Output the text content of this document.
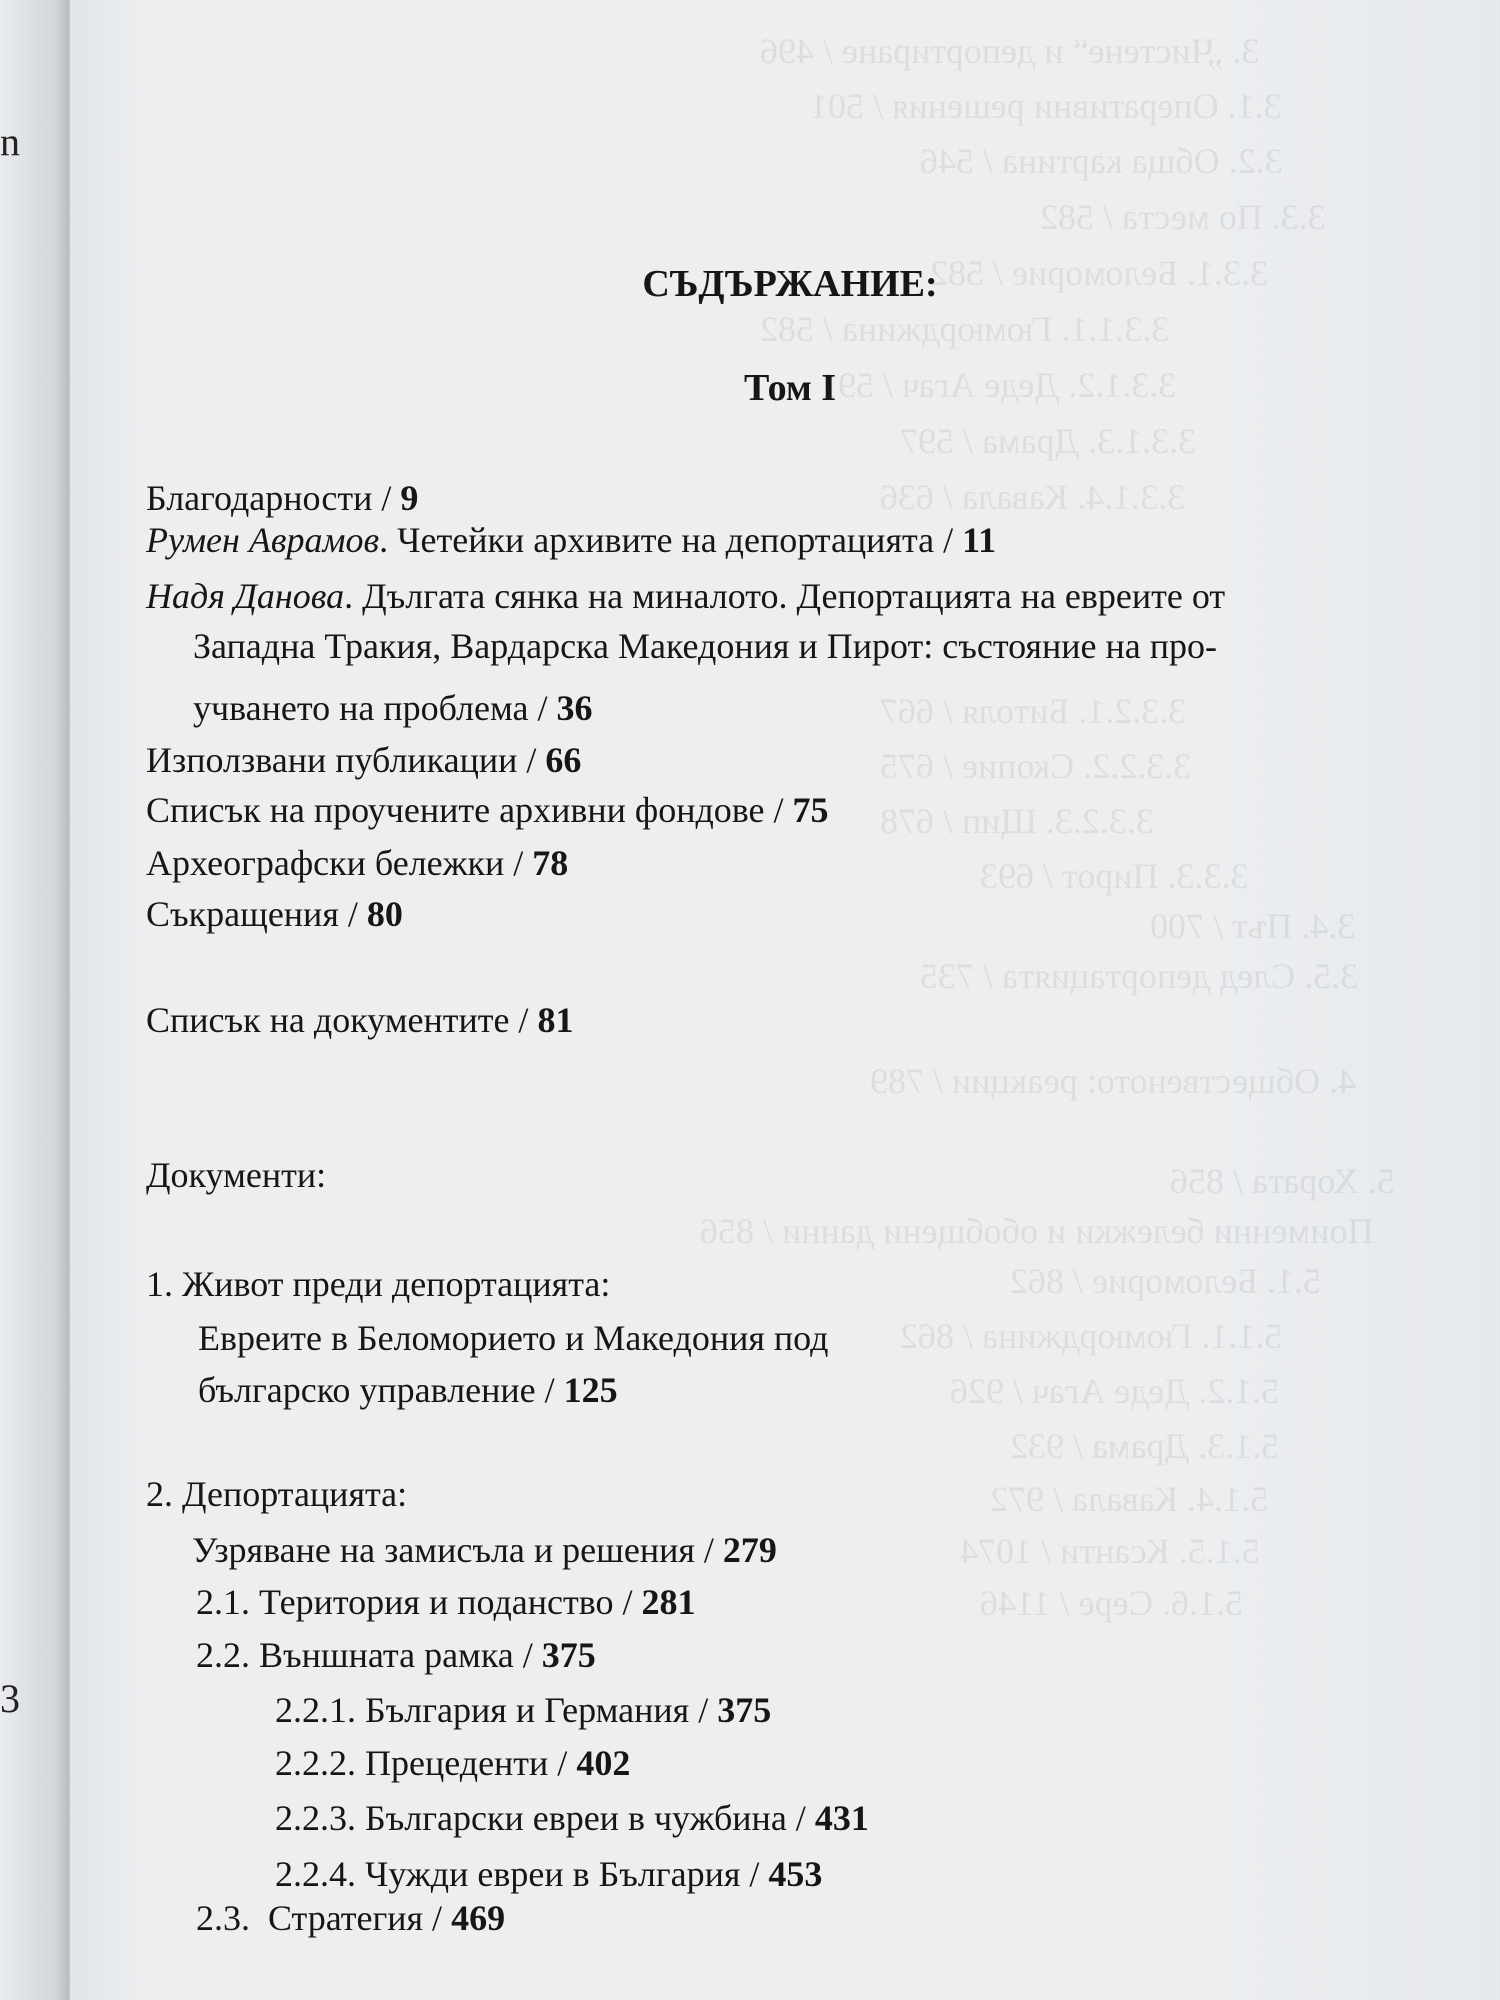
n
3
3. „Чистене“ и депортиране / 496
3.1. Оперативни решения / 501
3.2. Обща картина / 546
3.3. По места / 582
3.3.1. Беломорие / 582
3.3.1.1. Гюмюрджина / 582
3.3.1.2. Деде Агач / 591
3.3.1.3. Драма / 597
3.3.1.4. Кавала / 636
3.3.2.1. Битоля / 667
3.3.2.2. Скопие / 675
3.3.2.3. Щип / 678
3.3.3. Пирот / 693
3.4. Път / 700
3.5. След депортацията / 735
4. Общественото: реакции / 789
5. Хората / 856
Поименни бележки и обобщени данни / 856
5.1. Беломорие / 862
5.1.1. Гюмюрджина / 862
5.1.2. Деде Агач / 926
5.1.3. Драма / 932
5.1.4. Кавала / 972
5.1.5. Ксанти / 1074
5.1.6. Сере / 1146
СЪДЪРЖАНИЕ:
Том I
Благодарности / 9
Румен Аврамов. Четейки архивите на депортацията / 11
Надя Данова. Дългата сянка на миналото. Депортацията на евреите от
Западна Тракия, Вардарска Македония и Пирот: състояние на про-
учването на проблема / 36
Използвани публикации / 66
Списък на проучените архивни фондове / 75
Археографски бележки / 78
Съкращения / 80
Списък на документите / 81
Документи:
1. Живот преди депортацията:
Евреите в Беломорието и Македония под
българско управление / 125
2. Депортацията:
Узряване на замисъла и решения / 279
2.1. Територия и поданство / 281
2.2. Външната рамка / 375
2.2.1. България и Германия / 375
2.2.2. Прецеденти / 402
2.2.3. Български евреи в чужбина / 431
2.2.4. Чужди евреи в България / 453
2.3.  Стратегия / 469
